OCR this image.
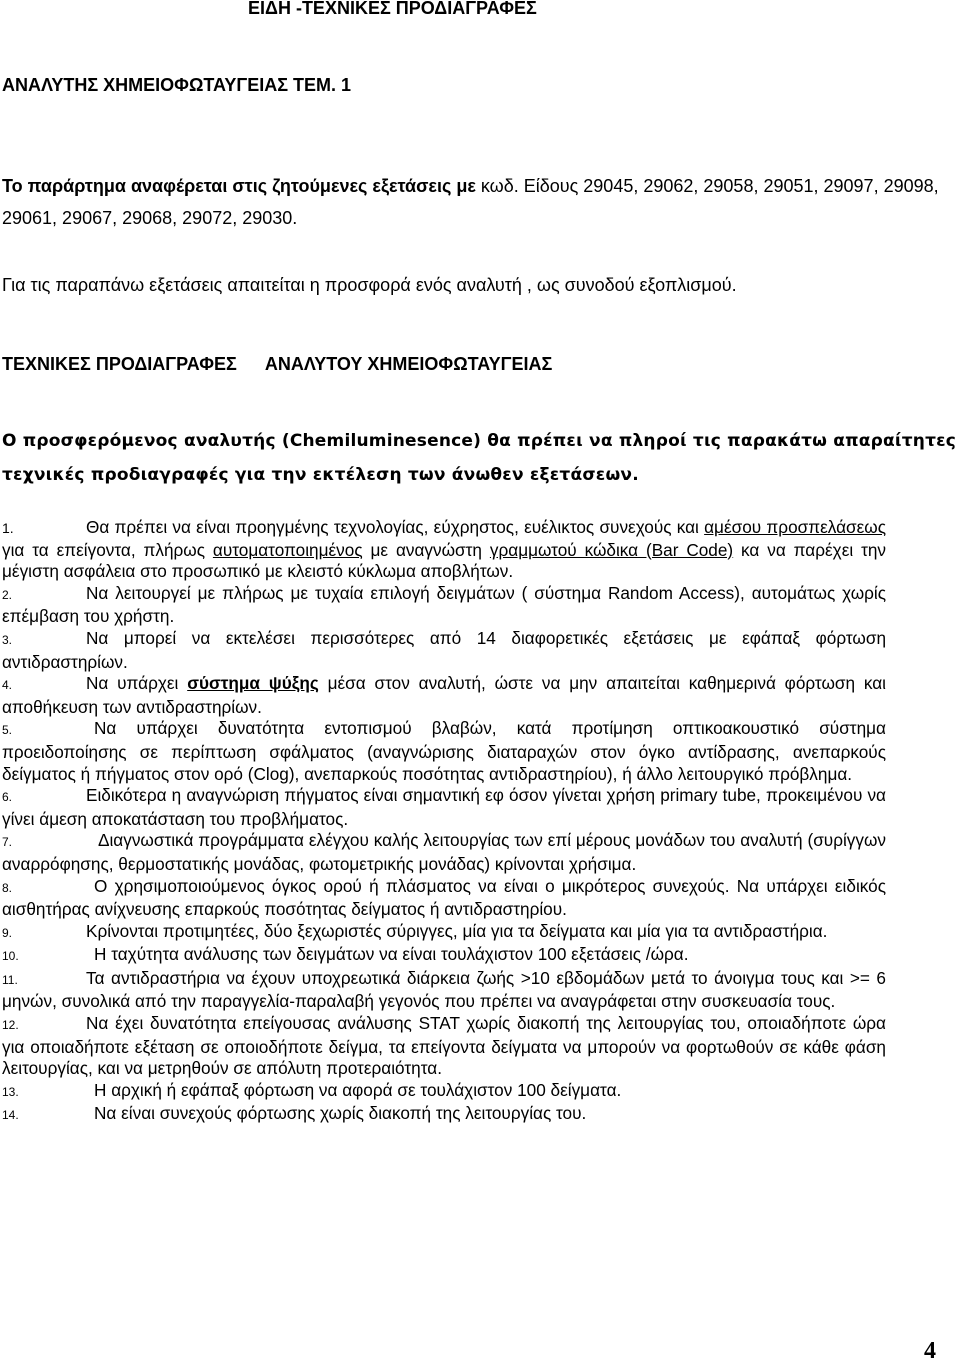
ΕΙΔΗ -ΤΕΧΝΙΚΕΣ ΠΡΟΔΙΑΓΡΑΦΕΣ
ΑΝΑΛΥΤΗΣ ΧΗΜΕΙΟΦΩΤΑΥΓΕΙΑΣ ΤΕΜ. 1
Το παράρτημα αναφέρεται στις ζητούμενες εξετάσεις με κωδ. Είδους 29045, 29062, 29058, 29051, 29097, 29098, 29061, 29067, 29068, 29072, 29030.
Για τις παραπάνω εξετάσεις απαιτείται η προσφορά ενός αναλυτή , ως συνοδού εξοπλισμού.
ΤΕΧΝΙΚΕΣ ΠΡΟΔΙΑΓΡΑΦΕΣ ΑΝΑΛΥΤΟΥ ΧΗΜΕΙΟΦΩΤΑΥΓΕΙΑΣ
Ο προσφερόμενος αναλυτής (Chemiluminesence) θα πρέπει να πληροί τις παρακάτω απαραίτητες τεχνικές προδιαγραφές για την εκτέλεση των άνωθεν εξετάσεων.
1.	Θα πρέπει να είναι προηγμένης τεχνολογίας, εύχρηστος, ευέλικτος συνεχούς και αμέσου προσπελάσεως για τα επείγοντα, πλήρως αυτοματοποιημένος με αναγνώστη γραμμωτού κώδικα (Bar Code) κα να παρέχει την μέγιστη ασφάλεια στο προσωπικό με κλειστό κύκλωμα αποβλήτων.
2.	Να λειτουργεί με πλήρως με τυχαία επιλογή δειγμάτων ( σύστημα Random Access), αυτομάτως χωρίς επέμβαση του χρήστη.
3.	Να μπορεί να εκτελέσει περισσότερες από 14 διαφορετικές εξετάσεις με εφάπαξ φόρτωση αντιδραστηρίων.
4.	Να υπάρχει σύστημα ψύξης μέσα στον αναλυτή, ώστε να μην απαιτείται καθημερινά φόρτωση και αποθήκευση των αντιδραστηρίων.
5.	Να υπάρχει δυνατότητα εντοπισμού βλαβών, κατά προτίμηση οπτικοακουστικό σύστημα προειδοποίησης σε περίπτωση σφάλματος (αναγνώρισης διαταραχών στον όγκο αντίδρασης, ανεπαρκούς δείγματος ή πήγματος στον ορό (Clog), ανεπαρκούς ποσότητας αντιδραστηρίου), ή άλλο λειτουργικό πρόβλημα.
6.	Ειδικότερα η αναγνώριση πήγματος είναι σημαντική εφ όσον γίνεται χρήση primary tube, προκειμένου να γίνει άμεση αποκατάσταση του προβλήματος.
7.	Διαγνωστικά προγράμματα ελέγχου καλής λειτουργίας των επί μέρους μονάδων του αναλυτή (συρίγγων αναρρόφησης, θερμοστατικής μονάδας, φωτομετρικής μονάδας) κρίνονται χρήσιμα.
8.	Ο χρησιμοποιούμενος όγκος ορού ή πλάσματος να είναι ο μικρότερος συνεχούς. Να υπάρχει ειδικός αισθητήρας ανίχνευσης επαρκούς ποσότητας δείγματος ή αντιδραστηρίου.
9.	Κρίνονται προτιμητέες, δύο ξεχωριστές σύριγγες, μία για τα δείγματα και μία για τα αντιδραστήρια.
10.	Η ταχύτητα ανάλυσης των δειγμάτων να είναι τουλάχιστον 100 εξετάσεις /ώρα.
11.	Τα αντιδραστήρια να έχουν υποχρεωτικά διάρκεια ζωής >10 εβδομάδων μετά το άνοιγμα τους και >= 6 μηνών, συνολικά από την παραγγελία-παραλαβή γεγονός που πρέπει να αναγράφεται στην συσκευασία τους.
12.	Να έχει δυνατότητα επείγουσας ανάλυσης STAT χωρίς διακοπή της λειτουργίας του, οποιαδήποτε ώρα για οποιαδήποτε εξέταση σε οποιοδήποτε δείγμα, τα επείγοντα δείγματα να μπορούν να φορτωθούν σε κάθε φάση λειτουργίας, και να μετρηθούν σε απόλυτη προτεραιότητα.
13.	Η αρχική ή εφάπαξ φόρτωση να αφορά σε τουλάχιστον 100 δείγματα.
14.	Να είναι συνεχούς φόρτωσης χωρίς διακοπή της λειτουργίας του.
4
